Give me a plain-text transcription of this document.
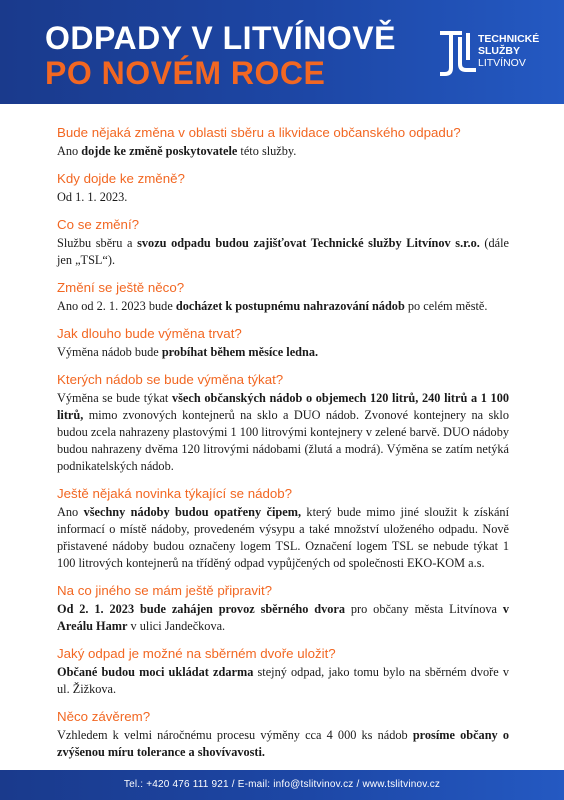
ODPADY V LITVÍNOVĚ
PO NOVÉM ROCE
TECHNICKÉ
SLUŽBY
LITVÍNOV
Bude nějaká změna v oblasti sběru a likvidace občanského odpadu?
Ano dojde ke změně poskytovatele této služby.
Kdy dojde ke změně?
Od 1. 1. 2023.
Co se změní?
Službu sběru a svozu odpadu budou zajišťovat Technické služby Litvínov s.r.o. (dále jen „TSL“).
Změní se ještě něco?
Ano od 2. 1. 2023 bude docházet k postupnému nahrazování nádob po celém městě.
Jak dlouho bude výměna trvat?
Výměna nádob bude probíhat během měsíce ledna.
Kterých nádob se bude výměna týkat?
Výměna se bude týkat všech občanských nádob o objemech 120 litrů, 240 litrů a 1 100 litrů, mimo zvonových kontejnerů na sklo a DUO nádob. Zvonové kontejnery na sklo budou zcela nahrazeny plastovými 1 100 litrovými kontejnery v zelené barvě. DUO nádoby budou nahrazeny dvěma 120 litrovými nádobami (žlutá a modrá). Výměna se zatím netýká podnikatelských nádob.
Ještě nějaká novinka týkající se nádob?
Ano všechny nádoby budou opatřeny čipem, který bude mimo jiné sloužit k získání informací o místě nádoby, provedeném výsypu a také množství uloženého odpadu. Nově přistavené nádoby budou označeny logem TSL. Označení logem TSL se nebude týkat 1 100 litrových kontejnerů na tříděný odpad vypůjčených od společnosti EKO-KOM a.s.
Na co jiného se mám ještě připravit?
Od 2. 1. 2023 bude zahájen provoz sběrného dvora pro občany města Litvínova v Areálu Hamr v ulici Jandečkova.
Jaký odpad je možné na sběrném dvoře uložit?
Občané budou moci ukládat zdarma stejný odpad, jako tomu bylo na sběrném dvoře v ul. Žižkova.
Něco závěrem?
Vzhledem k velmi náročnému procesu výměny cca 4 000 ks nádob prosíme občany o zvýšenou míru tolerance a shovívavosti.
Tel.: +420 476 111 921 / E-mail: info@tslitvinov.cz / www.tslitvinov.cz
